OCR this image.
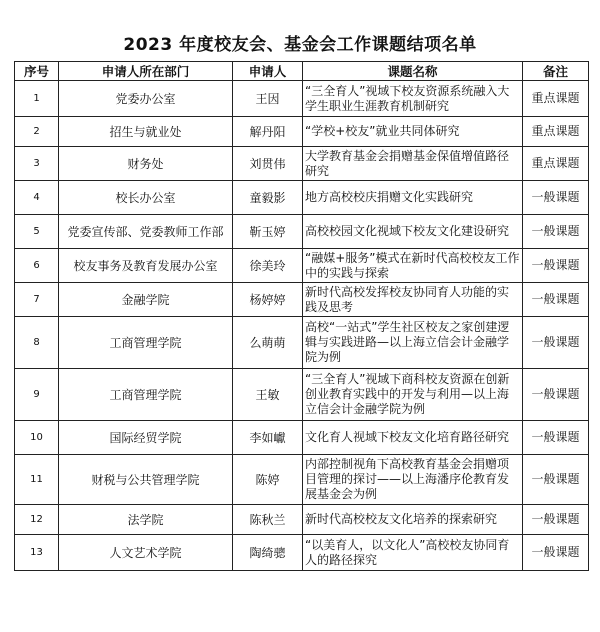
2023 年度校友会、基金会工作课题结项名单
序号	申请人所在部门	申请人	课题名称	备注
1	党委办公室	王因	“三全育人”视域下校友资源系统融入大学生职业生涯教育机制研究	重点课题
2	招生与就业处	解丹阳	“学校+校友”就业共同体研究	重点课题
3	财务处	刘贯伟	大学教育基金会捐赠基金保值增值路径研究	重点课题
4	校长办公室	童毅影	地方高校校庆捐赠文化实践研究	一般课题
5	党委宣传部、党委教师工作部	靳玉婷	高校校园文化视域下校友文化建设研究	一般课题
6	校友事务及教育发展办公室	徐美玲	“融媒+服务”模式在新时代高校校友工作中的实践与探索	一般课题
7	金融学院	杨婷婷	新时代高校发挥校友协同育人功能的实践及思考	一般课题
8	工商管理学院	么萌萌	高校“一站式”学生社区校友之家创建逻辑与实践进路—以上海立信会计金融学院为例	一般课题
9	工商管理学院	王敏	“三全育人”视域下商科校友资源在创新创业教育实践中的开发与利用—以上海立信会计金融学院为例	一般课题
10	国际经贸学院	李如巘	文化育人视域下校友文化培育路径研究	一般课题
11	财税与公共管理学院	陈婷	内部控制视角下高校教育基金会捐赠项目管理的探讨——以上海潘序伦教育发展基金会为例	一般课题
12	法学院	陈秋兰	新时代高校校友文化培养的探索研究	一般课题
13	人文艺术学院	陶绮骢	“以美育人，以文化人”高校校友协同育人的路径探究	一般课题
